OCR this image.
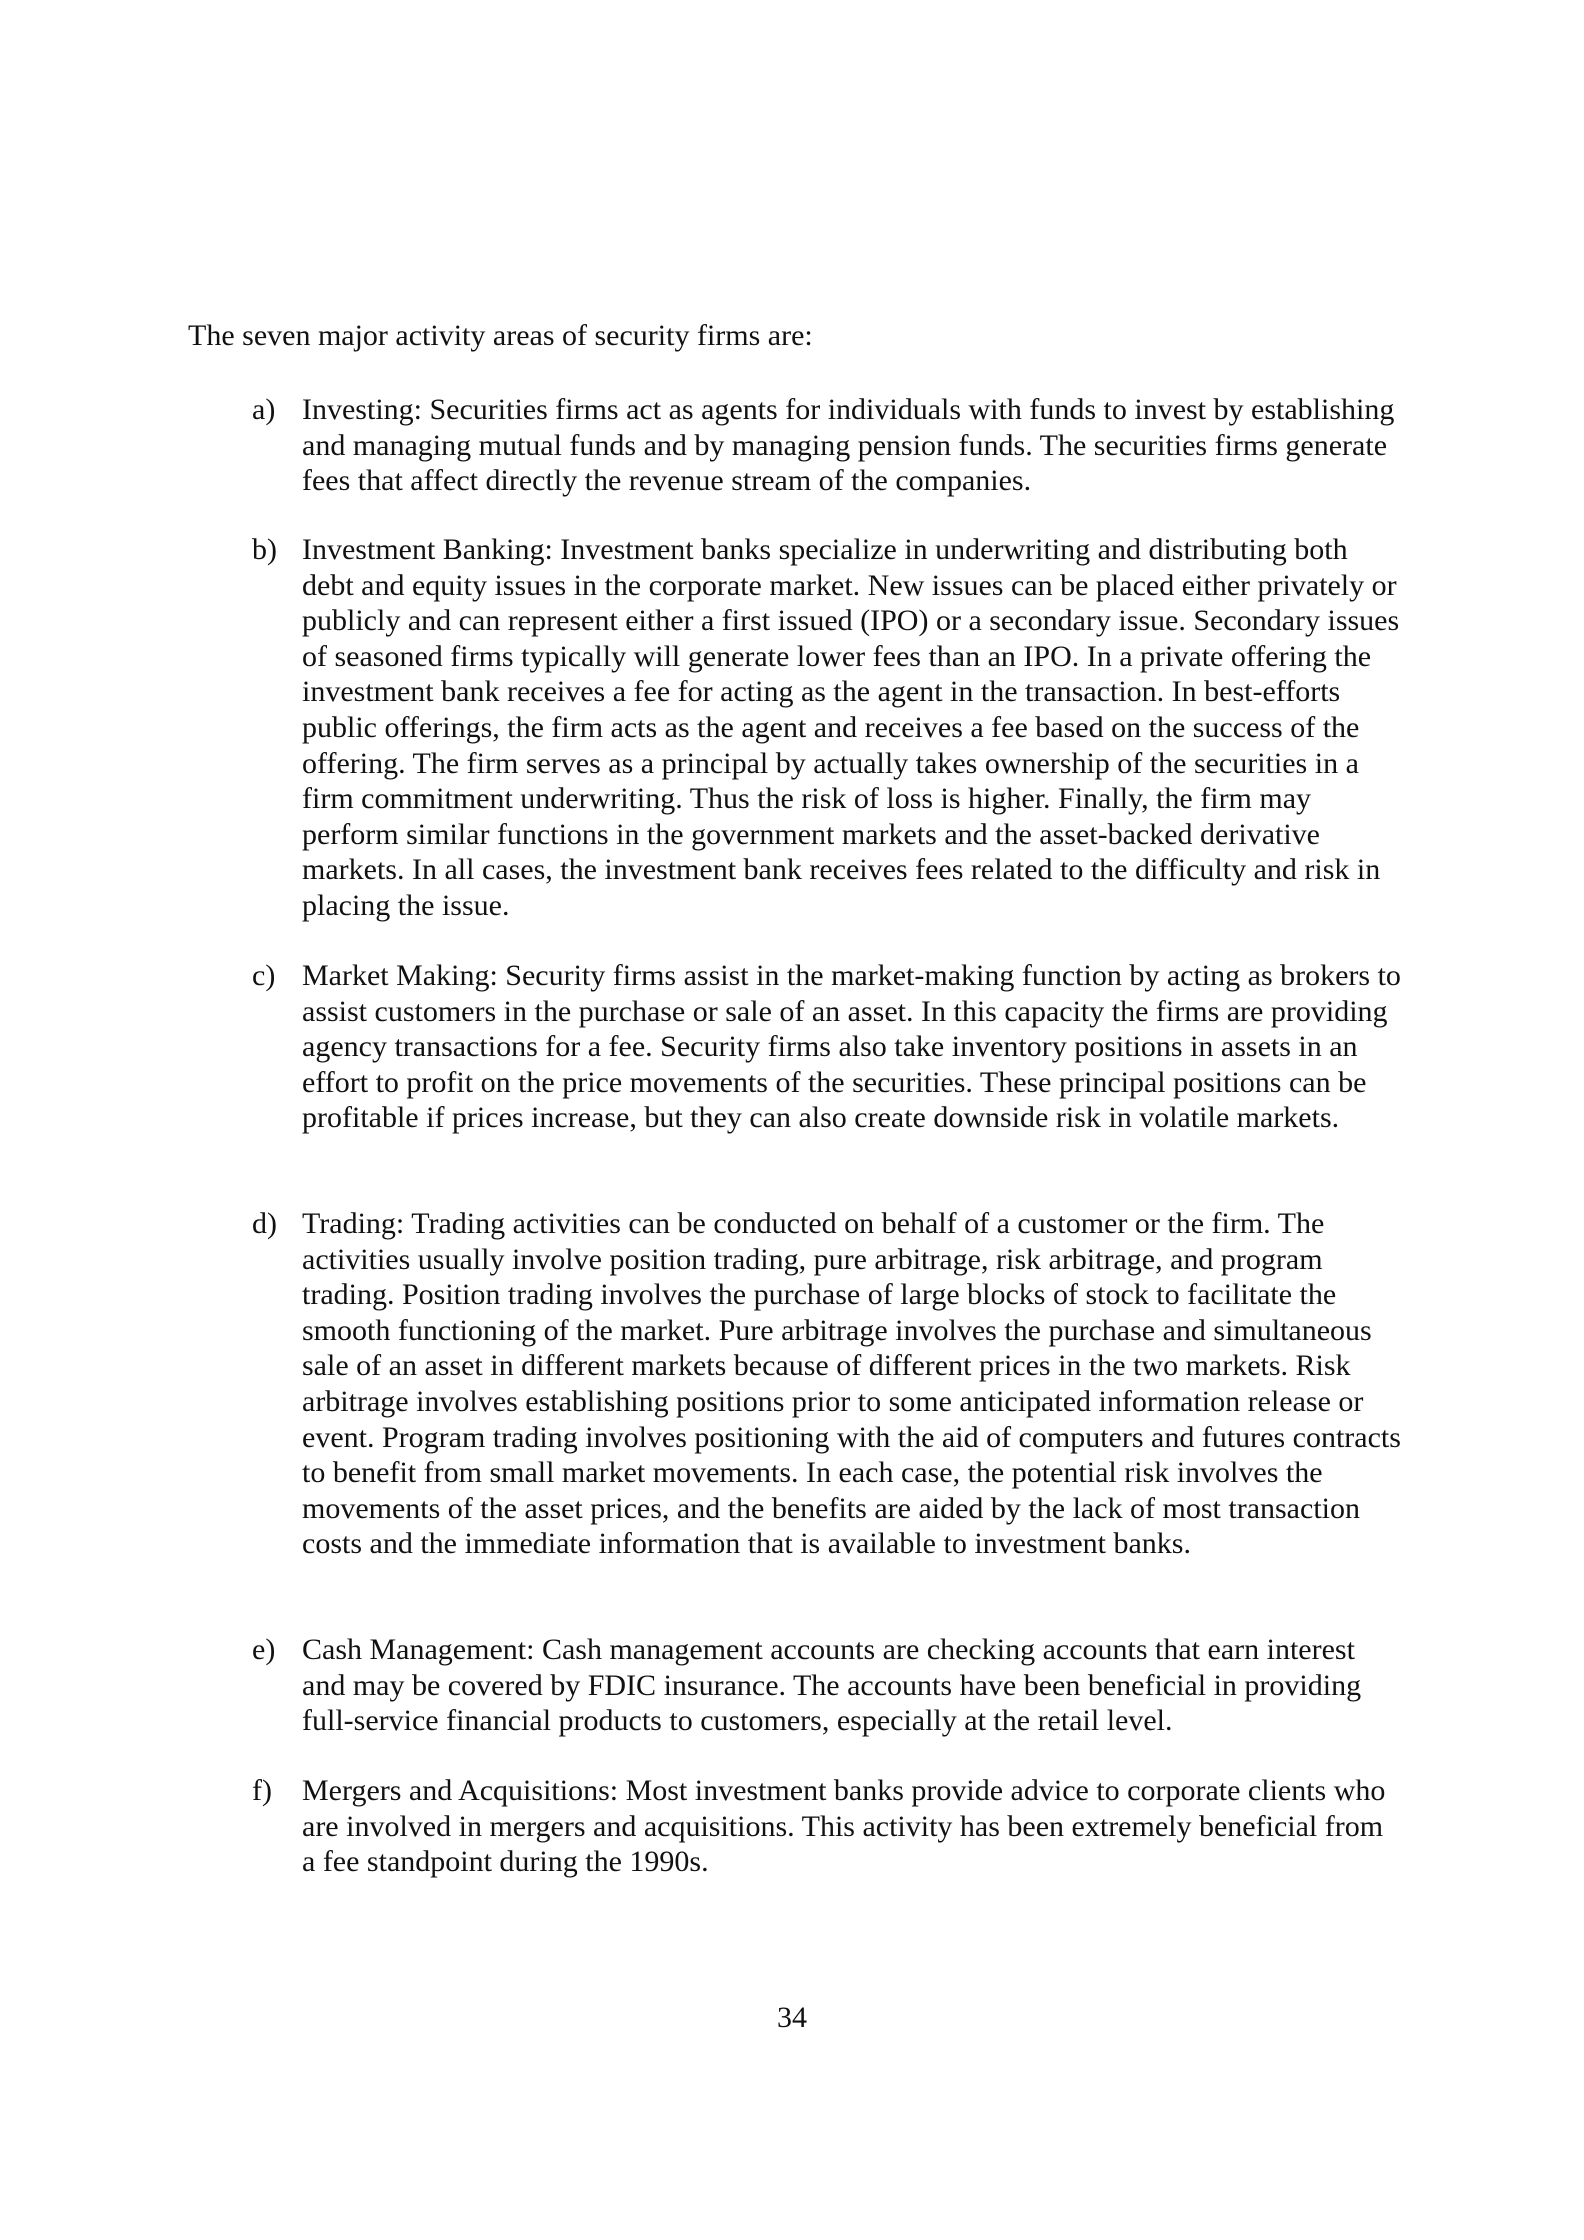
The seven major activity areas of security firms are:

a) Investing: Securities firms act as agents for individuals with funds to invest by establishing and managing mutual funds and by managing pension funds. The securities firms generate fees that affect directly the revenue stream of the companies.
b) Investment Banking: Investment banks specialize in underwriting and distributing both debt and equity issues in the corporate market. New issues can be placed either privately or publicly and can represent either a first issued (IPO) or a secondary issue. Secondary issues of seasoned firms typically will generate lower fees than an IPO. In a private offering the investment bank receives a fee for acting as the agent in the transaction. In best-efforts public offerings, the firm acts as the agent and receives a fee based on the success of the offering. The firm serves as a principal by actually takes ownership of the securities in a firm commitment underwriting. Thus the risk of loss is higher. Finally, the firm may perform similar functions in the government markets and the asset-backed derivative markets. In all cases, the investment bank receives fees related to the difficulty and risk in placing the issue.
c) Market Making: Security firms assist in the market-making function by acting as brokers to assist customers in the purchase or sale of an asset. In this capacity the firms are providing agency transactions for a fee. Security firms also take inventory positions in assets in an effort to profit on the price movements of the securities. These principal positions can be profitable if prices increase, but they can also create downside risk in volatile markets.
d) Trading: Trading activities can be conducted on behalf of a customer or the firm. The activities usually involve position trading, pure arbitrage, risk arbitrage, and program trading. Position trading involves the purchase of large blocks of stock to facilitate the smooth functioning of the market. Pure arbitrage involves the purchase and simultaneous sale of an asset in different markets because of different prices in the two markets. Risk arbitrage involves establishing positions prior to some anticipated information release or event. Program trading involves positioning with the aid of computers and futures contracts to benefit from small market movements. In each case, the potential risk involves the movements of the asset prices, and the benefits are aided by the lack of most transaction costs and the immediate information that is available to investment banks.
e) Cash Management: Cash management accounts are checking accounts that earn interest and may be covered by FDIC insurance. The accounts have been beneficial in providing full-service financial products to customers, especially at the retail level.
f)	Mergers and Acquisitions: Most investment banks provide advice to corporate clients who are involved in mergers and acquisitions. This activity has been extremely beneficial from a fee standpoint during the 1990s.

34
